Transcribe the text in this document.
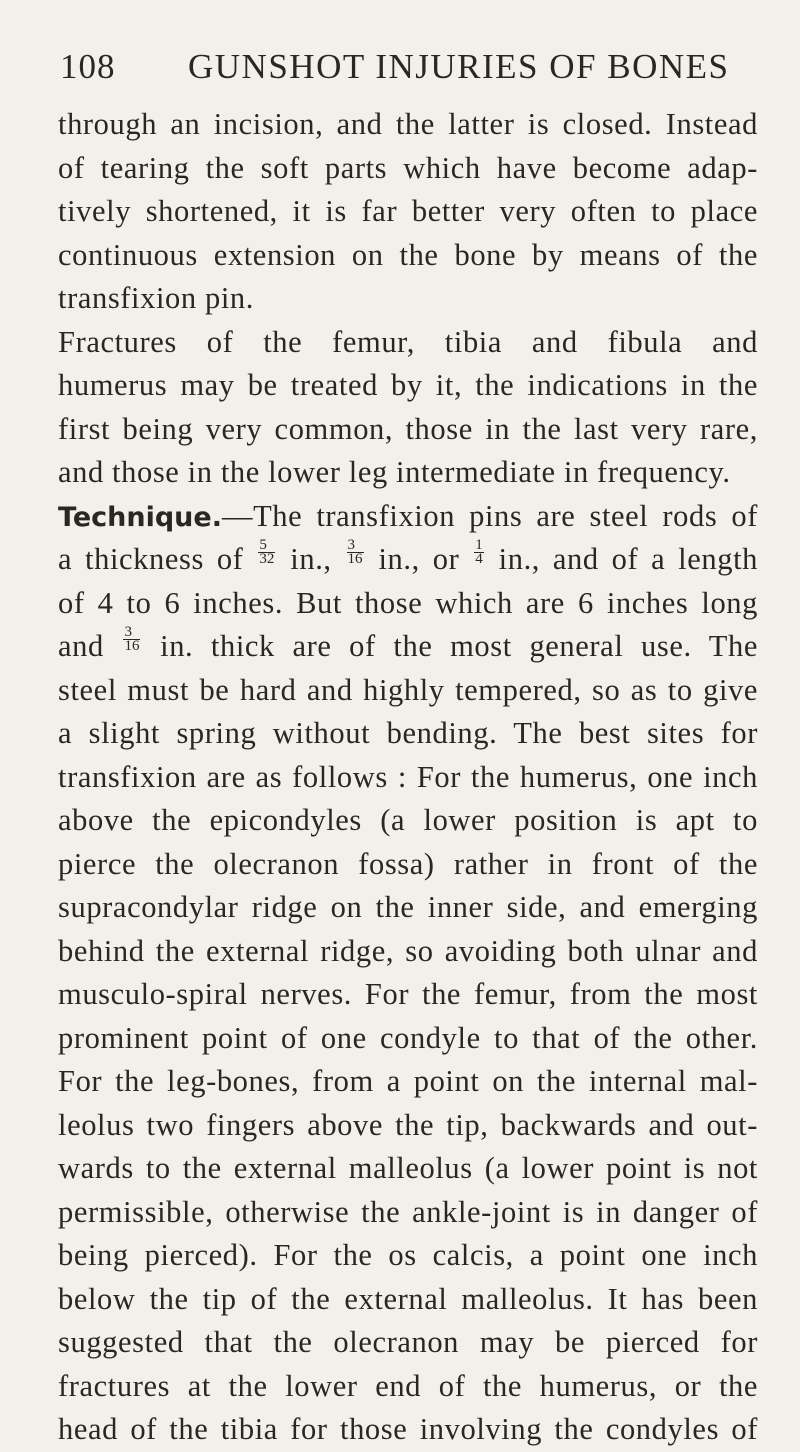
108 GUNSHOT INJURIES OF BONES
through an incision, and the latter is closed. Instead
of tearing the soft parts which have become adap-
tively shortened, it is far better very often to place
continuous extension on the bone by means of the
transfixion pin.
Fractures of the femur, tibia and fibula and
humerus may be treated by it, the indications in the
first being very common, those in the last very rare,
and those in the lower leg intermediate in frequency.
Technique.—The transfixion pins are steel rods of
a thickness of $\frac{5}{32}$ in., $\frac{3}{16}$ in., or $\frac{1}{4}$ in., and of a length
of 4 to 6 inches. But those which are 6 inches long
and $\frac{3}{16}$ in. thick are of the most general use. The
steel must be hard and highly tempered, so as to give
a slight spring without bending. The best sites for
transfixion are as follows : For the humerus, one inch
above the epicondyles (a lower position is apt to
pierce the olecranon fossa) rather in front of the
supracondylar ridge on the inner side, and emerging
behind the external ridge, so avoiding both ulnar and
musculo-spiral nerves. For the femur, from the most
prominent point of one condyle to that of the other.
For the leg-bones, from a point on the internal mal-
leolus two fingers above the tip, backwards and out-
wards to the external malleolus (a lower point is not
permissible, otherwise the ankle-joint is in danger of
being pierced). For the os calcis, a point one inch
below the tip of the external malleolus. It has been
suggested that the olecranon may be pierced for
fractures at the lower end of the humerus, or the
head of the tibia for those involving the condyles of
